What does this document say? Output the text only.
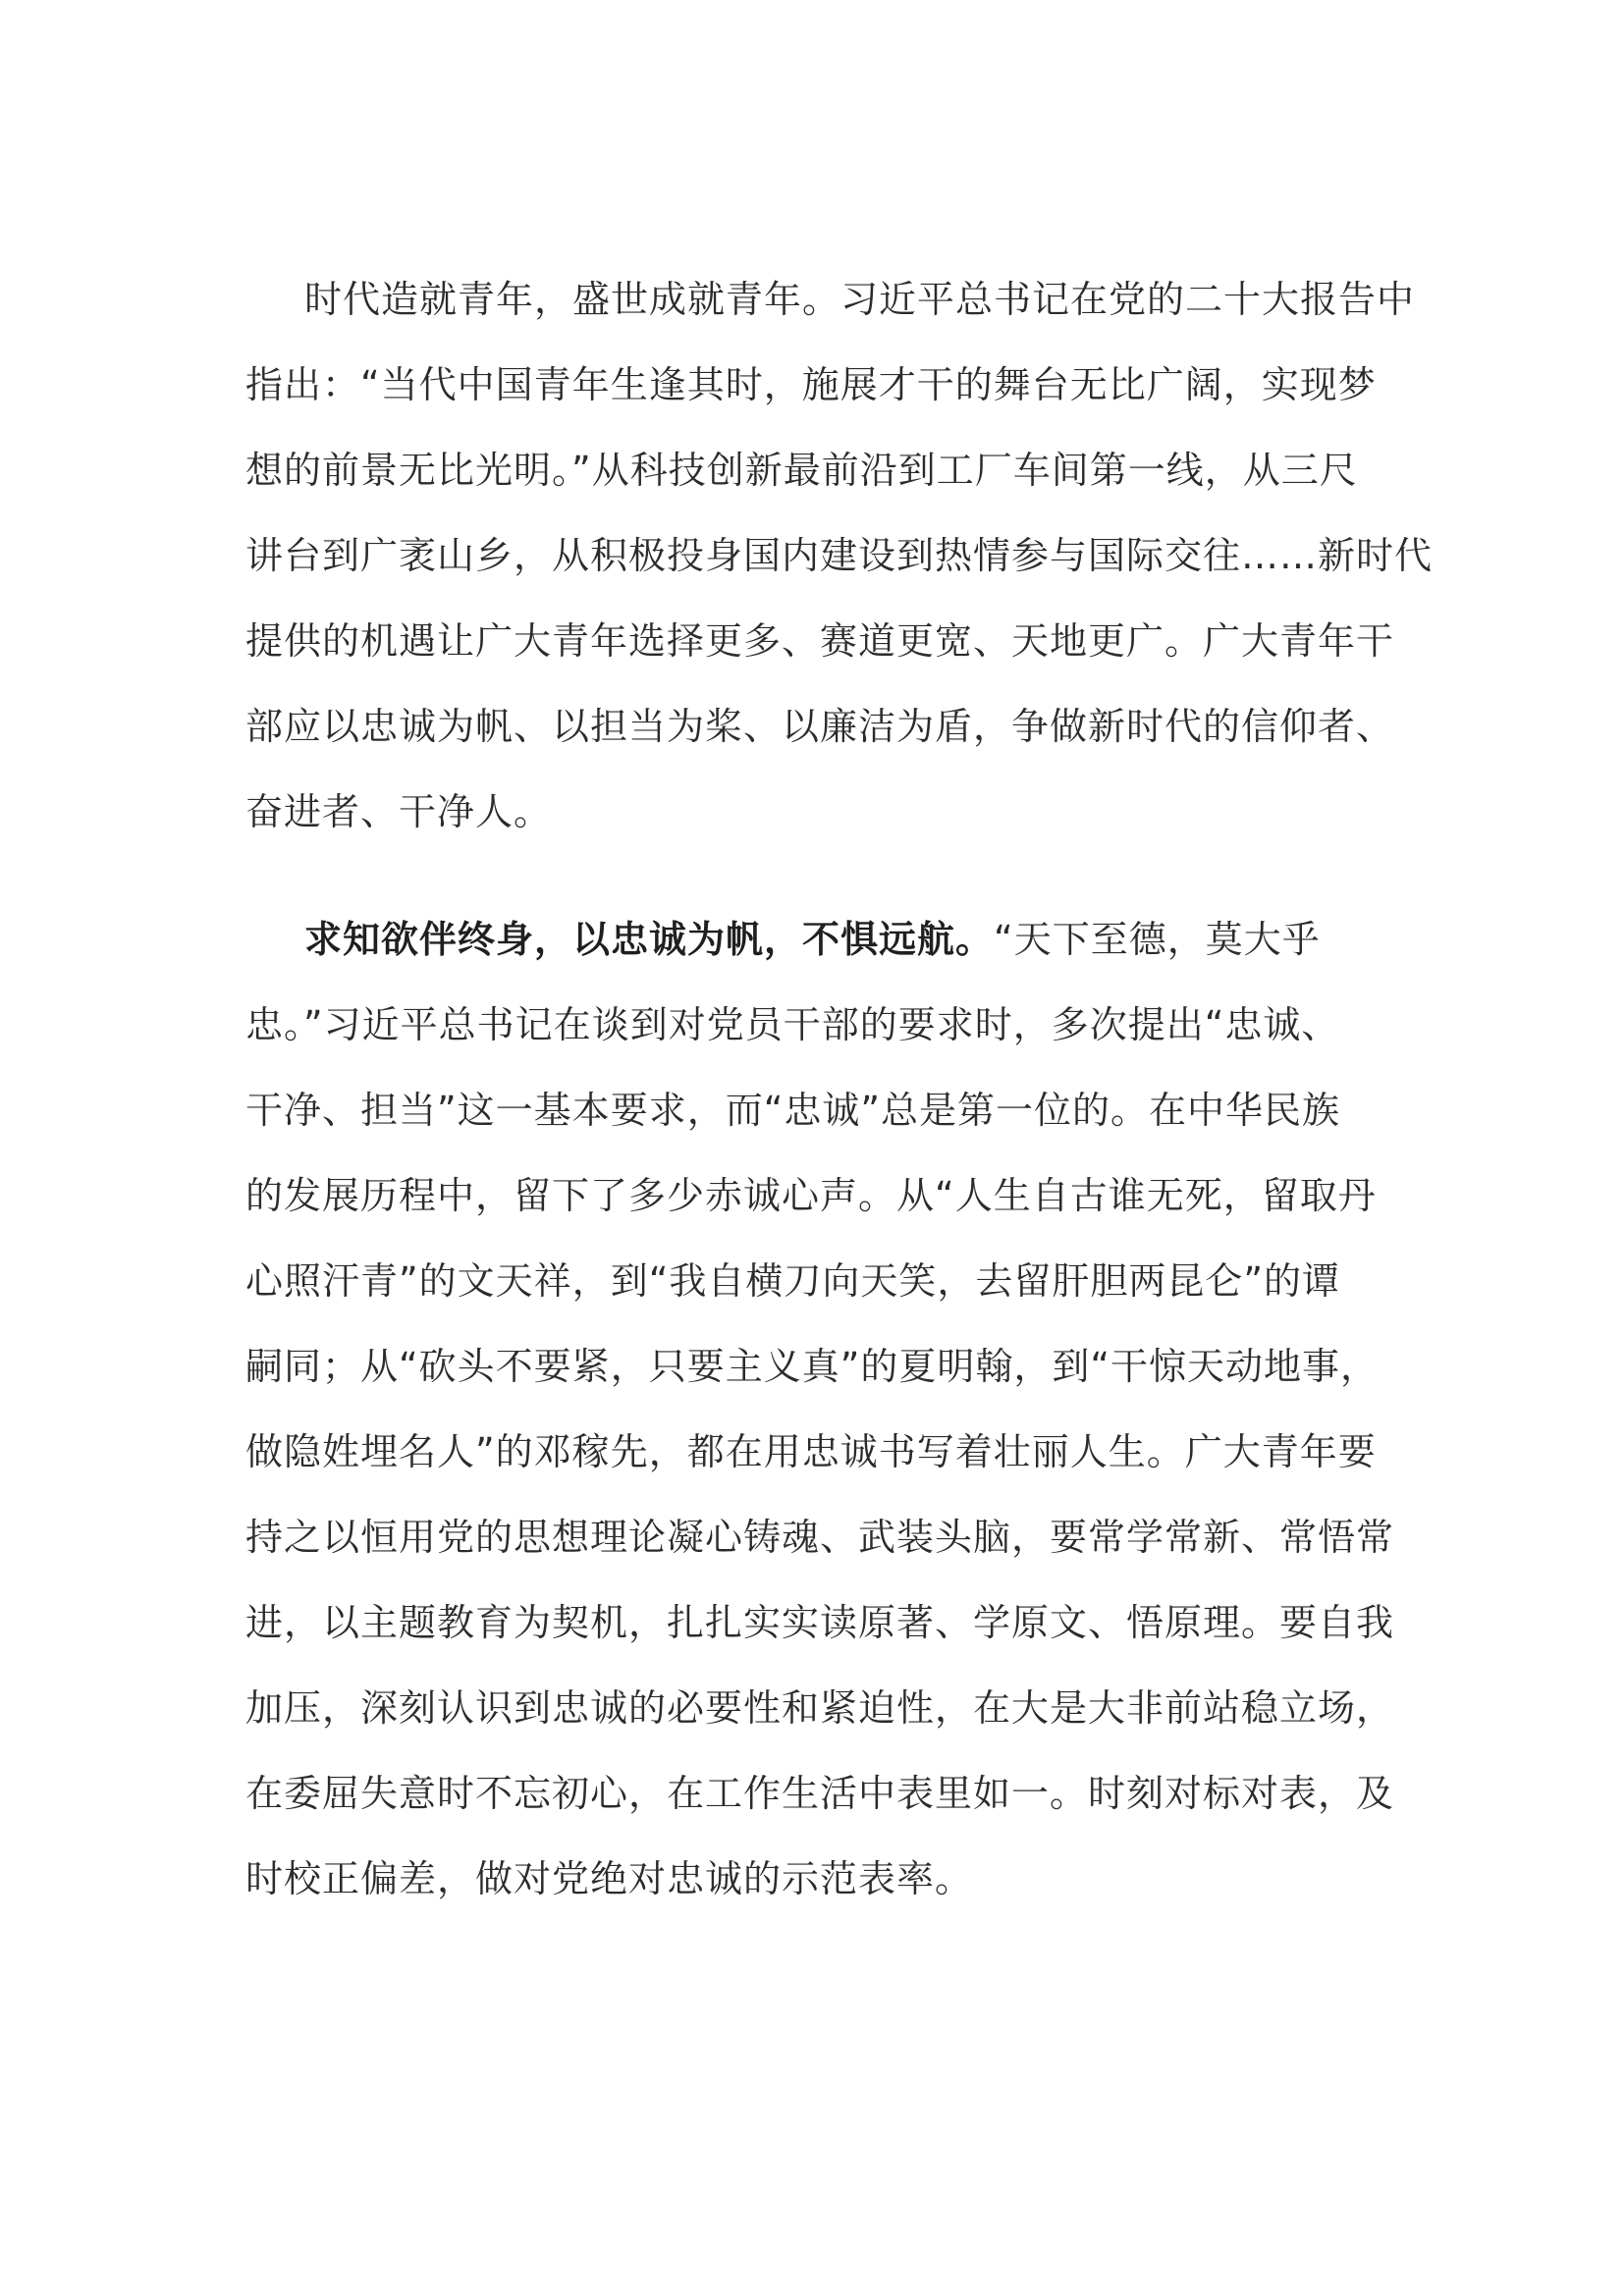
时代造就青年，盛世成就青年。习近平总书记在党的二十大报告中
指出：“当代中国青年生逢其时，施展才干的舞台无比广阔，实现梦
想的前景无比光明。”从科技创新最前沿到工厂车间第一线，从三尺
讲台到广袤山乡，从积极投身国内建设到热情参与国际交往……新时代
提供的机遇让广大青年选择更多、赛道更宽、天地更广。广大青年干
部应以忠诚为帆、以担当为桨、以廉洁为盾，争做新时代的信仰者、
奋进者、干净人。
求知欲伴终身，以忠诚为帆，不惧远航。“天下至德，莫大乎
忠。”习近平总书记在谈到对党员干部的要求时，多次提出“忠诚、
干净、担当”这一基本要求，而“忠诚”总是第一位的。在中华民族
的发展历程中，留下了多少赤诚心声。从“人生自古谁无死，留取丹
心照汗青”的文天祥，到“我自横刀向天笑，去留肝胆两昆仑”的谭
嗣同；从“砍头不要紧，只要主义真”的夏明翰，到“干惊天动地事，
做隐姓埋名人”的邓稼先，都在用忠诚书写着壮丽人生。广大青年要
持之以恒用党的思想理论凝心铸魂、武装头脑，要常学常新、常悟常
进，以主题教育为契机，扎扎实实读原著、学原文、悟原理。要自我
加压，深刻认识到忠诚的必要性和紧迫性，在大是大非前站稳立场，
在委屈失意时不忘初心，在工作生活中表里如一。时刻对标对表，及
时校正偏差，做对党绝对忠诚的示范表率。
